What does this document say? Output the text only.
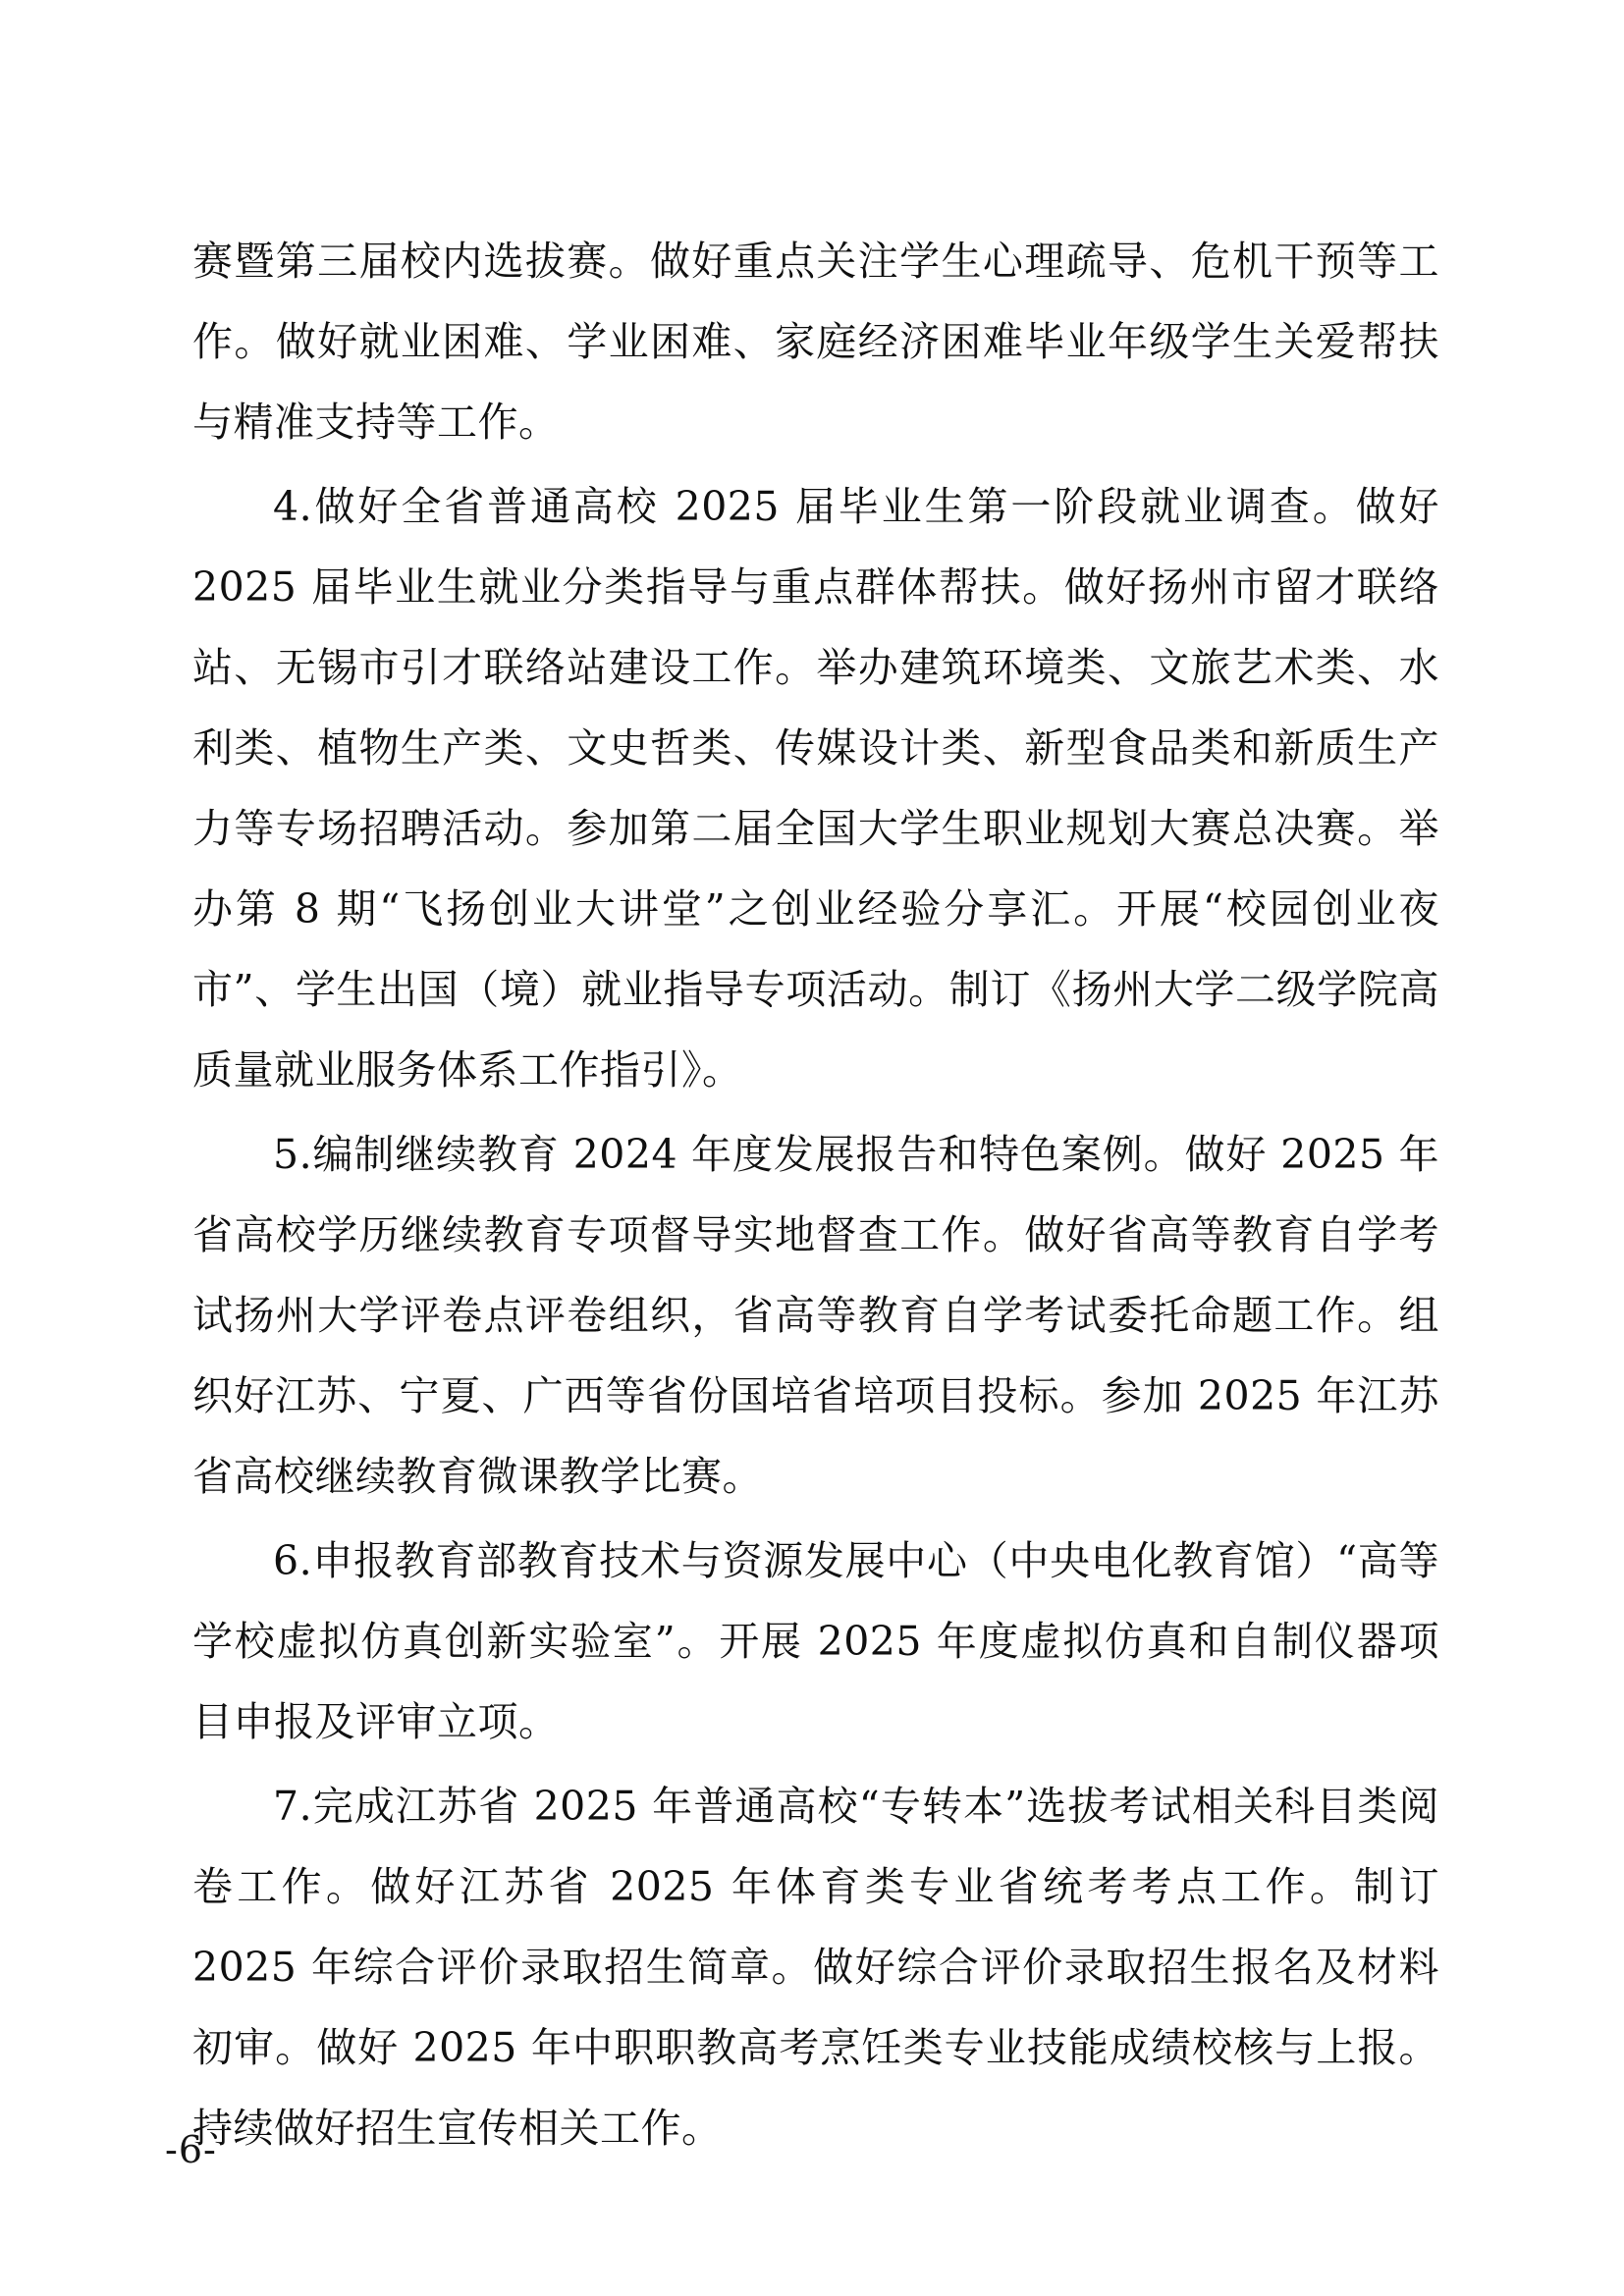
赛暨第三届校内选拔赛。做好重点关注学生心理疏导、危机干预等工作。做好就业困难、学业困难、家庭经济困难毕业年级学生关爱帮扶与精准支持等工作。

4.做好全省普通高校 2025 届毕业生第一阶段就业调查。做好 2025 届毕业生就业分类指导与重点群体帮扶。做好扬州市留才联络站、无锡市引才联络站建设工作。举办建筑环境类、文旅艺术类、水利类、植物生产类、文史哲类、传媒设计类、新型食品类和新质生产力等专场招聘活动。参加第二届全国大学生职业规划大赛总决赛。举办第 8 期“飞扬创业大讲堂”之创业经验分享汇。开展“校园创业夜市”、学生出国（境）就业指导专项活动。制订《扬州大学二级学院高质量就业服务体系工作指引》。

5.编制继续教育 2024 年度发展报告和特色案例。做好 2025 年省高校学历继续教育专项督导实地督查工作。做好省高等教育自学考试扬州大学评卷点评卷组织，省高等教育自学考试委托命题工作。组织好江苏、宁夏、广西等省份国培省培项目投标。参加 2025 年江苏省高校继续教育微课教学比赛。

6.申报教育部教育技术与资源发展中心（中央电化教育馆）“高等学校虚拟仿真创新实验室”。开展 2025 年度虚拟仿真和自制仪器项目申报及评审立项。

7.完成江苏省 2025 年普通高校“专转本”选拔考试相关科目类阅卷工作。做好江苏省 2025 年体育类专业省统考考点工作。制订 2025 年综合评价录取招生简章。做好综合评价录取招生报名及材料初审。做好 2025 年中职职教高考烹饪类专业技能成绩校核与上报。持续做好招生宣传相关工作。

-6-
